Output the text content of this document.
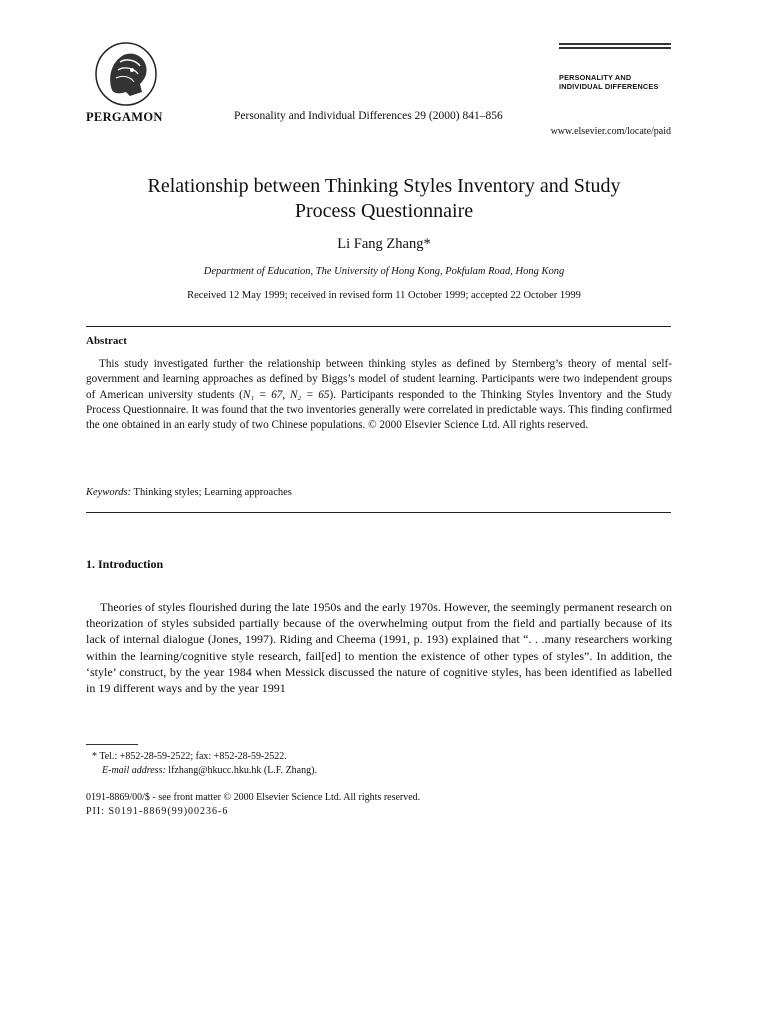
PERGAMON	Personality and Individual Differences 29 (2000) 841–856
PERSONALITY AND
INDIVIDUAL DIFFERENCES
www.elsevier.com/locate/paid
Relationship between Thinking Styles Inventory and Study
Process Questionnaire
Li Fang Zhang*
Department of Education, The University of Hong Kong, Pokfulam Road, Hong Kong
Received 12 May 1999; received in revised form 11 October 1999; accepted 22 October 1999
Abstract
This study investigated further the relationship between thinking styles as defined by Sternberg’s theory of mental self-government and learning approaches as defined by Biggs’s model of student learning. Participants were two independent groups of American university students (N₁ = 67, N₂ = 65). Participants responded to the Thinking Styles Inventory and the Study Process Questionnaire. It was found that the two inventories generally were correlated in predictable ways. This finding confirmed the one obtained in an early study of two Chinese populations. © 2000 Elsevier Science Ltd. All rights reserved.
Keywords: Thinking styles; Learning approaches
1. Introduction
Theories of styles flourished during the late 1950s and the early 1970s. However, the seemingly permanent research on theorization of styles subsided partially because of the overwhelming output from the field and partially because of its lack of internal dialogue (Jones, 1997). Riding and Cheema (1991, p. 193) explained that “. . .many researchers working within the learning/cognitive style research, fail[ed] to mention the existence of other types of styles”. In addition, the ‘style’ construct, by the year 1984 when Messick discussed the nature of cognitive styles, has been identified as labelled in 19 different ways and by the year 1991
* Tel.: +852-28-59-2522; fax: +852-28-59-2522.
E-mail address: lfzhang@hkucc.hku.hk (L.F. Zhang).
0191-8869/00/$ - see front matter © 2000 Elsevier Science Ltd. All rights reserved.
PII: S0191-8869(99)00236-6
